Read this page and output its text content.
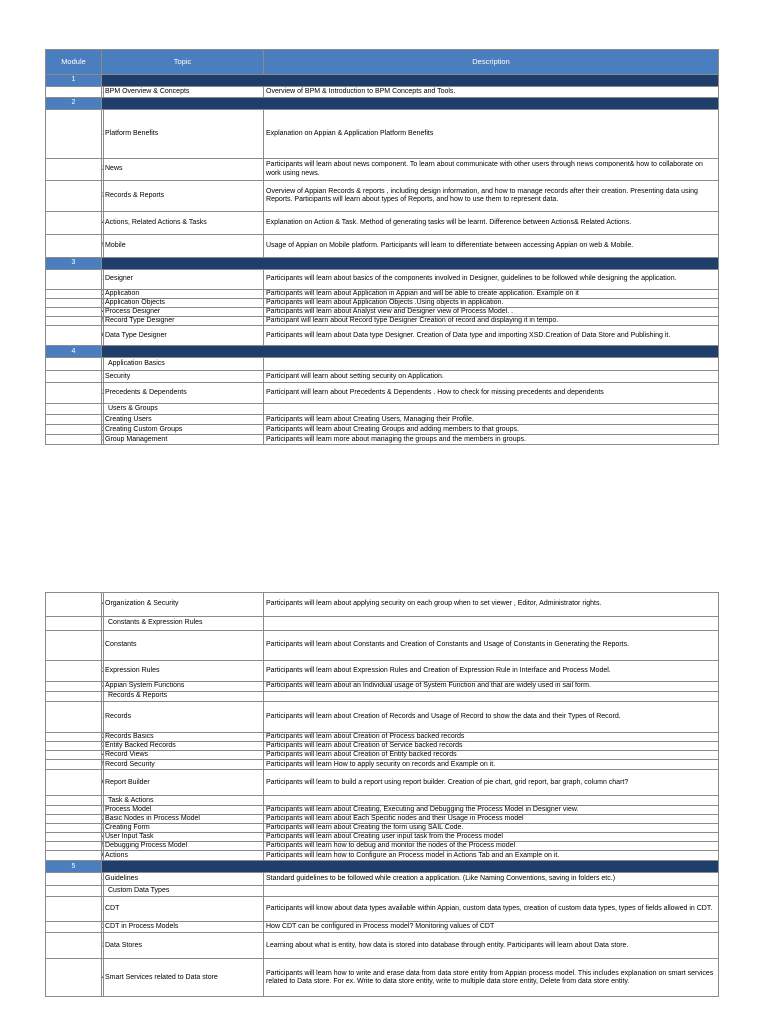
Module	Topic		Description
1			
		BPM Overview & Concepts	Overview of BPM & Introduction to BPM Concepts and Tools.
2			
		Platform Benefits	Explanation on Appian & Application Platform Benefits
		News	Participants will learn about news component. To learn about communicate with other users through news component& how to collaborate on work using news.
		Records & Reports	Overview of Appian Records & reports , including design information, and how to manage records after their creation. Presenting data using Reports. Participants will learn about types of Reports, and how to use them to represent data.
		Actions, Related Actions & Tasks	Explanation on Action & Task. Method of generating tasks will be learnt. Difference between Actions& Related Actions.
		Mobile	Usage of Appian on Mobile platform. Participants will learn to differentiate between accessing Appian on web & Mobile.
3			
		Designer	Participants will learn about basics of the components involved in Designer, guidelines to be followed while designing the application.
		Application	Participants will learn about Application in Appian and will be able to create application. Example on it
		Application Objects	Participants will learn about Application Objects .Using objects in application.
		Process Designer	Participants will learn about Analyst view and Designer view of Process Model. .
		Record Type Designer	Participant will learn about Record type Designer Creation of record and displaying it in tempo.
		Data Type Designer	Participants will learn about Data type Designer. Creation of Data type and importing XSD.Creation of Data Store and Publishing it.
4			
		Application Basics	
		Security	Participant will learn about setting security on Application.
		Precedents & Dependents	Participant will learn about Precedents & Dependents . How to check for missing precedents and dependents
		Users & Groups	
		Creating Users	Participants will learn about Creating Users, Managing their Profile.
		Creating Custom Groups	Participants will learn about Creating Groups and adding members to that groups.
		Group Management	Participants will learn more about managing the groups and the members in groups.
		Organization & Security	Participants will learn about applying security on each group when to set viewer , Editor, Administrator rights.
		Constants & Expression Rules	
		Constants	Participants will learn about Constants and Creation of Constants and Usage of Constants in Generating the Reports.
		Expression Rules	Participants will learn about Expression Rules and Creation of Expression Rule in Interface and Process Model.
		Appian System Functions	Participants will learn about an Individual usage of System Function and that are widely used in sail form.
		Records & Reports	
		Records	Participants will learn about Creation of Records and Usage of Record to show the data and their Types of Record.
		Records Basics	Participants will learn about Creation of Process backed records
		Entity Backed Records	Participants will learn about Creation of Service backed records
		Record Views	Participants will learn about Creation of Entity backed records
		Record Security	Participants will learn How to apply security on records and Example on it.
		Report Builder	Participants will learn to build a report using report builder. Creation of pie chart, grid report, bar graph, column chart?
		Task & Actions	
		Process Model	Participants will learn about Creating, Executing and Debugging the Process Model in Designer view.
		Basic Nodes in Process Model	Participants will learn about Each Specific nodes and their Usage in Process model
		Creating Form	Participants will learn about Creating the form using SAIL Code.
		User Input Task	Participants will learn about Creating user input task from the Process model
		Debugging Process Model	Participants will learn how to debug and monitor the nodes of the Process model
		Actions	Participants will learn how to Configure an Process model in Actions Tab and an Example on it.
5			
		Guidelines	Standard guidelines to be followed while creation a application. (Like Naming Conventions, saving in folders etc.)
		Custom Data Types	
		CDT	Participants will know about data types available within Appian, custom data types, creation of custom data types, types of fields allowed in CDT.
		CDT in Process Models	How CDT can be configured in Process model? Monitoring values of CDT
		Data Stores	Learning about what is entity, how data is stored into database through entity. Participants will learn about Data store.
		Smart Services related to Data store	Participants will learn how to write and erase data from data store entity from Appian process model. This includes explanation on smart services related to Data store. For ex. Write to data store entity, write to multiple data store entity, Delete from data store entity.
